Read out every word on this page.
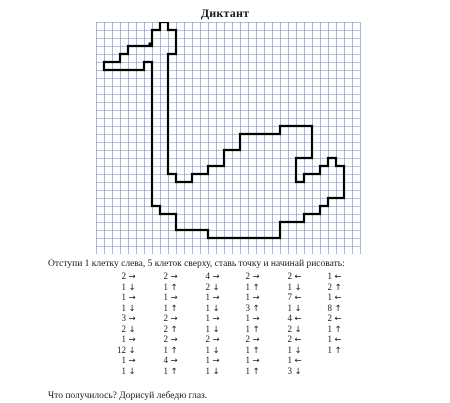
Диктант
Отступи 1 клетку слева, 5 клеток сверху, ставь точку и начинай рисовать:
2 →
1 ↓
1 →
1 ↓
3 →
2 ↓
1 →
12 ↓
1 →
1 ↓
2 →
1 ↑
1 →
1 ↑
2 →
2 ↑
2 →
1 ↑
4 →
1 ↑
4 →
2 ↓
1 →
1 ↓
1 →
1 ↓
2 →
1 ↓
1 →
1 ↓
2 →
1 ↑
1 →
3 ↑
1 →
1 ↑
2 →
1 ↑
1 →
1 ↑
2 ←
1 ↓
7 ←
1 ↓
4 ←
2 ↓
2 ←
1 ↓
1 ←
3 ↓
1 ←
2 ↑
1 ←
8 ↑
2 ←
1 ↑
1 ←
1 ↑
Что получилось? Дорисуй лебедю глаз.
